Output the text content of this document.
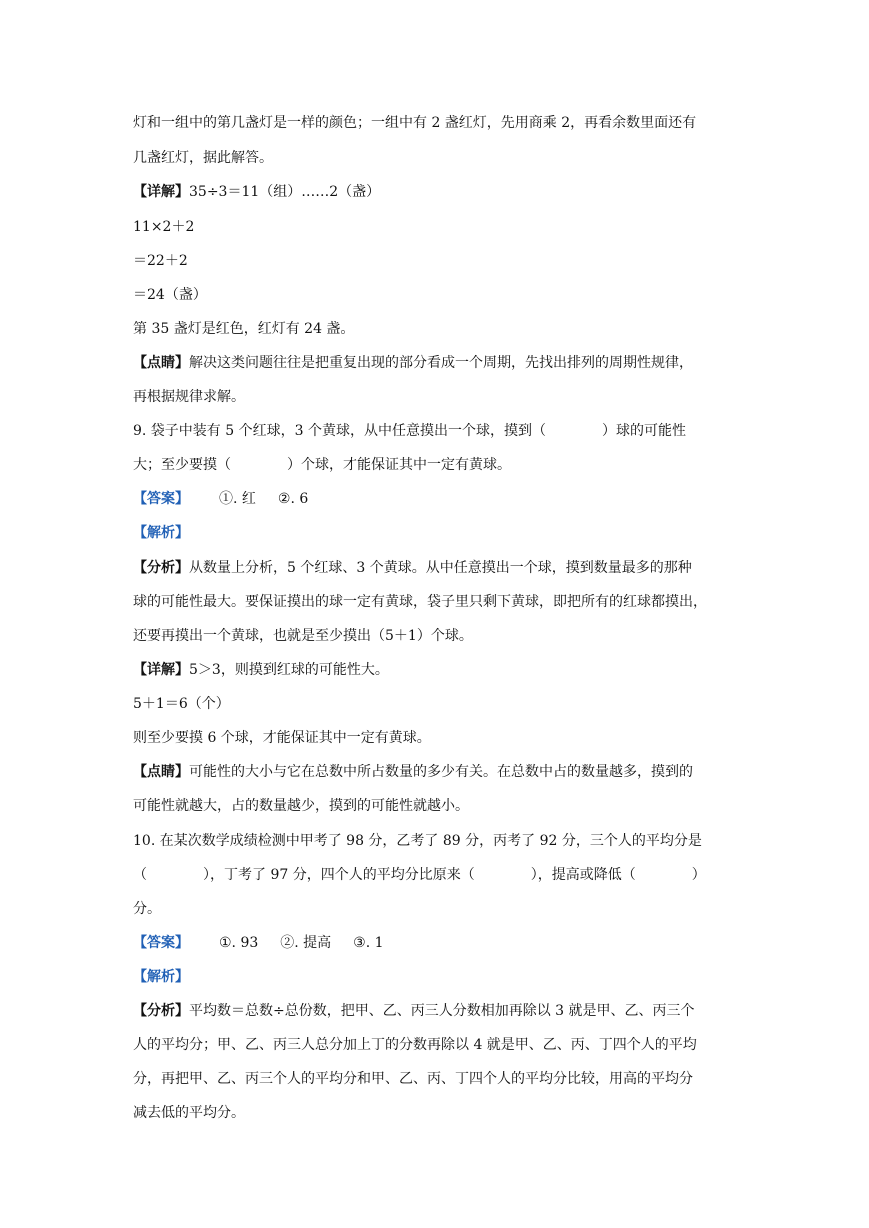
灯和一组中的第几盏灯是一样的颜色；一组中有 2 盏红灯，先用商乘 2，再看余数里面还有
几盏红灯，据此解答。
【详解】35÷3＝11（组）……2（盏）
11×2＋2
＝22＋2
＝24（盏）
第 35 盏灯是红色，红灯有 24 盏。
【点睛】解决这类问题往往是把重复出现的部分看成一个周期，先找出排列的周期性规律，
再根据规律求解。
9. 袋子中装有 5 个红球，3 个黄球，从中任意摸出一个球，摸到（	）球的可能性
大；至少要摸（	）个球，才能保证其中一定有黄球。
【答案】 ①. 红 ②. 6
【解析】
【分析】从数量上分析，5 个红球、3 个黄球。从中任意摸出一个球，摸到数量最多的那种
球的可能性最大。要保证摸出的球一定有黄球，袋子里只剩下黄球，即把所有的红球都摸出，
还要再摸出一个黄球，也就是至少摸出（5＋1）个球。
【详解】5＞3，则摸到红球的可能性大。
5＋1＝6（个）
则至少要摸 6 个球，才能保证其中一定有黄球。
【点睛】可能性的大小与它在总数中所占数量的多少有关。在总数中占的数量越多，摸到的
可能性就越大，占的数量越少，摸到的可能性就越小。
10. 在某次数学成绩检测中甲考了 98 分，乙考了 89 分，丙考了 92 分，三个人的平均分是
（	），丁考了 97 分，四个人的平均分比原来（	），提高或降低（	）
分。
【答案】 ①. 93 ②. 提高 ③. 1
【解析】
【分析】平均数＝总数÷总份数，把甲、乙、丙三人分数相加再除以 3 就是甲、乙、丙三个
人的平均分；甲、乙、丙三人总分加上丁的分数再除以 4 就是甲、乙、丙、丁四个人的平均
分，再把甲、乙、丙三个人的平均分和甲、乙、丙、丁四个人的平均分比较，用高的平均分
减去低的平均分。
